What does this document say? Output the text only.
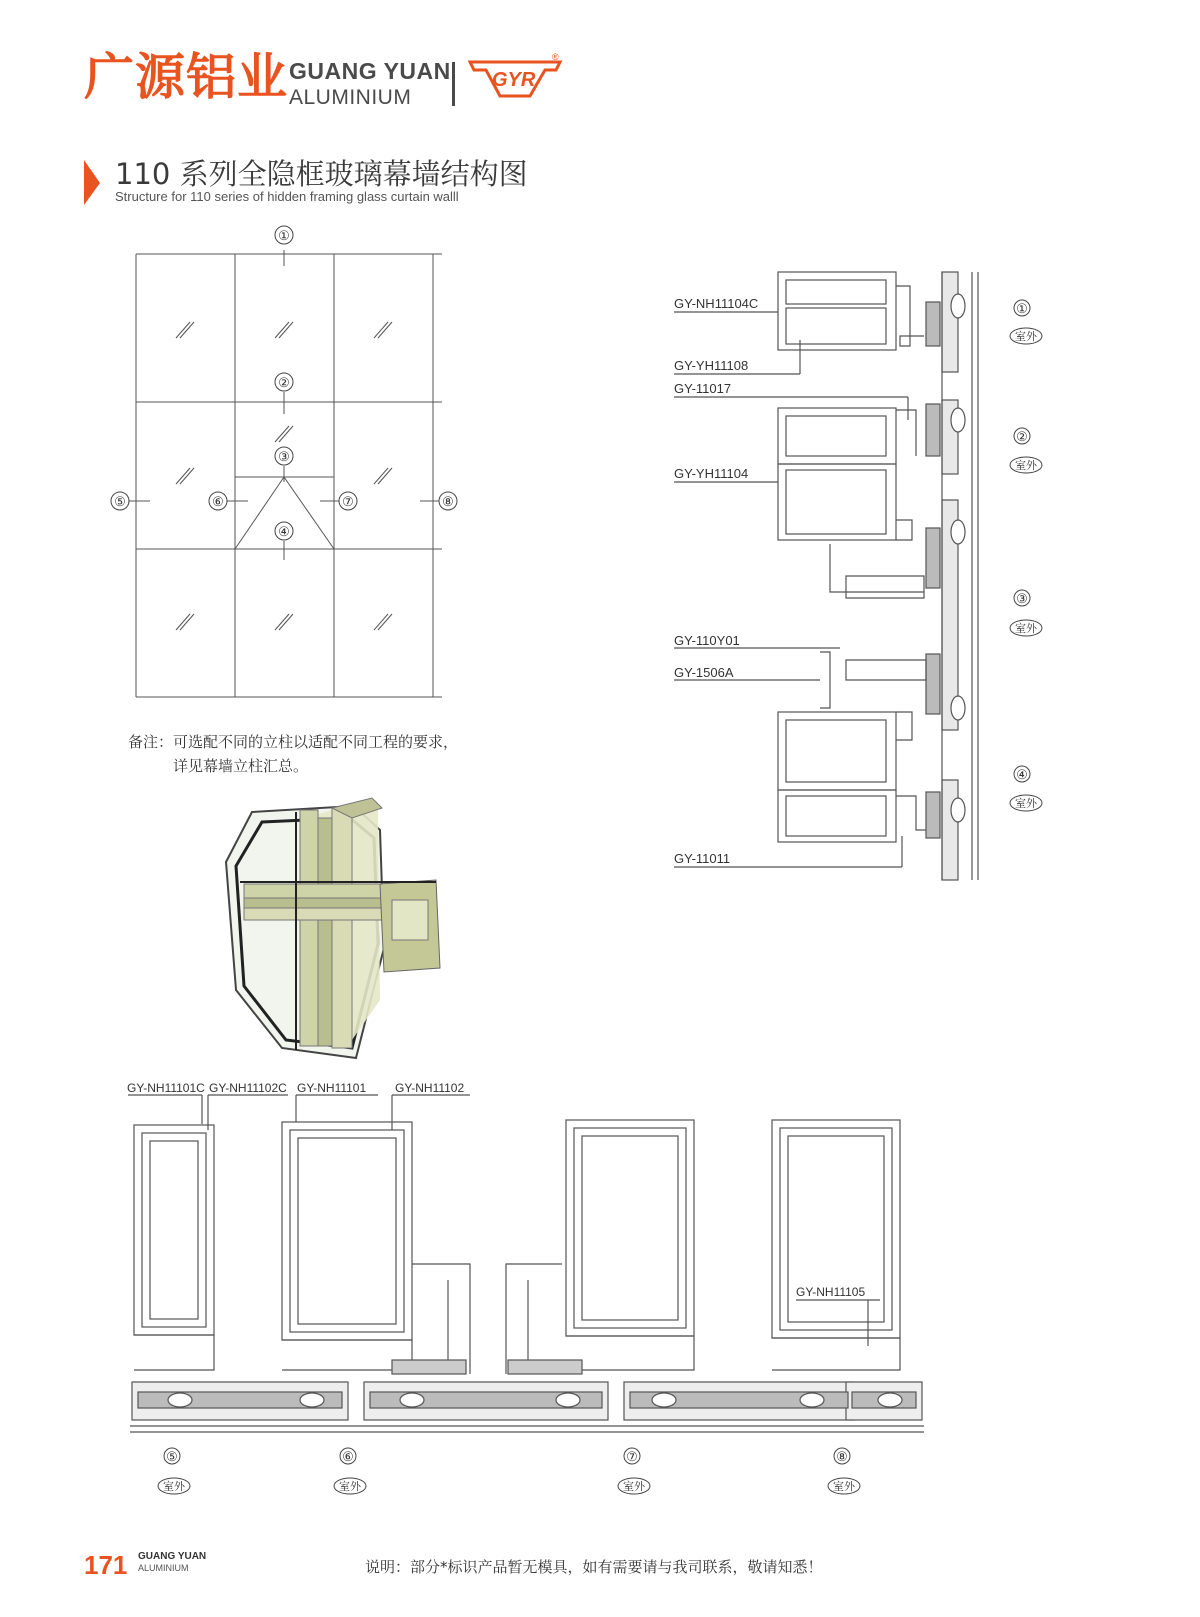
广源铝业 GUANG YUAN
ALUMINIUM
GYR
®
①
②
③
④
⑤	⑥	⑦	⑧
GY-NH11104C
GY-YH11108
GY-11017
GY-YH11104
GY-110Y01
GY-1506A
GY-11011
①
室外
②
室外
③
室外
④
室外
GY-NH11101C GY-NH11102C GY-NH11101 GY-NH11102
GY-NH11105
⑤
室外
⑥
室外
⑦
室外
⑧
室外
110 系列全隐框玻璃幕墙结构图
Structure for 110 series of hidden framing glass curtain walll
备注：可选配不同的立柱以适配不同工程的要求，
详见幕墙立柱汇总。
171 GUANG YUAN
ALUMINIUM	说明：部分*标识产品暂无模具，如有需要请与我司联系，敬请知悉！
